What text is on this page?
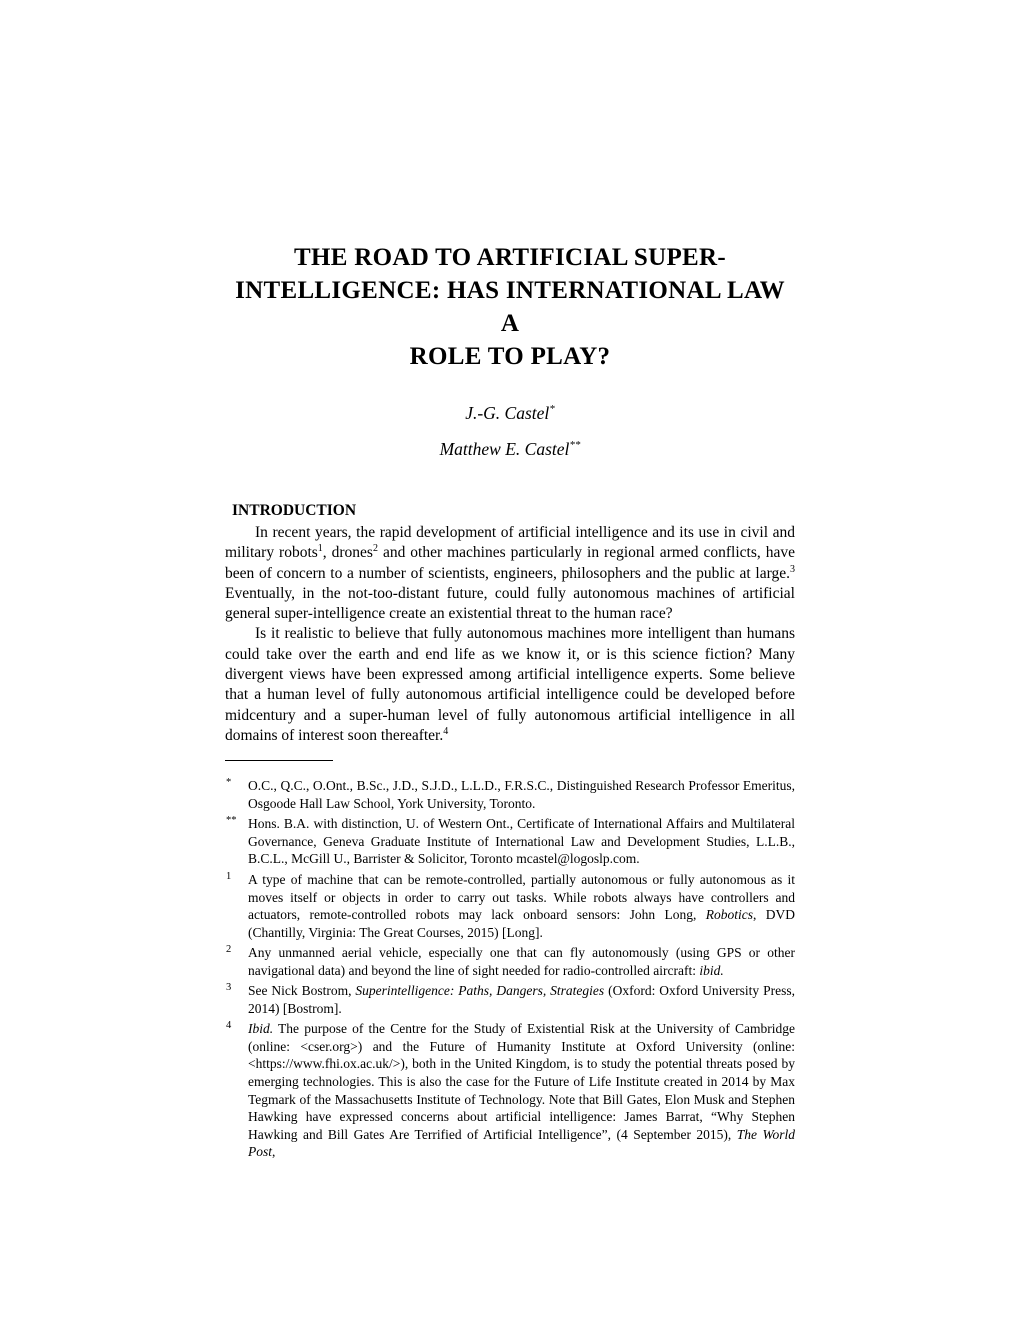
THE ROAD TO ARTIFICIAL SUPER-
INTELLIGENCE: HAS INTERNATIONAL LAW A
ROLE TO PLAY?
J.-G. Castel*
Matthew E. Castel**
INTRODUCTION

In recent years, the rapid development of artificial intelligence and its use in civil and military robots$^1$, drones$^2$ and other machines particularly in regional armed conflicts, have been of concern to a number of scientists, engineers, philosophers and the public at large.$^3$ Eventually, in the not-too-distant future, could fully autonomous machines of artificial general super-intelligence create an existential threat to the human race?

Is it realistic to believe that fully autonomous machines more intelligent than humans could take over the earth and end life as we know it, or is this science fiction? Many divergent views have been expressed among artificial intelligence experts. Some believe that a human level of fully autonomous artificial intelligence could be developed before midcentury and a super-human level of fully autonomous artificial intelligence in all domains of interest soon thereafter.$^4$

* O.C., Q.C., O.Ont., B.Sc., J.D., S.J.D., L.L.D., F.R.S.C., Distinguished Research Professor Emeritus, Osgoode Hall Law School, York University, Toronto.
** Hons. B.A. with distinction, U. of Western Ont., Certificate of International Affairs and Multilateral Governance, Geneva Graduate Institute of International Law and Development Studies, L.L.B., B.C.L., McGill U., Barrister & Solicitor, Toronto mcastel@logoslp.com.
1 A type of machine that can be remote-controlled, partially autonomous or fully autonomous as it moves itself or objects in order to carry out tasks. While robots always have controllers and actuators, remote-controlled robots may lack onboard sensors: John Long, Robotics, DVD (Chantilly, Virginia: The Great Courses, 2015) [Long].
2 Any unmanned aerial vehicle, especially one that can fly autonomously (using GPS or other navigational data) and beyond the line of sight needed for radio-controlled aircraft: ibid.
3 See Nick Bostrom, Superintelligence: Paths, Dangers, Strategies (Oxford: Oxford University Press, 2014) [Bostrom].
4 Ibid. The purpose of the Centre for the Study of Existential Risk at the University of Cambridge (online: <cser.org>) and the Future of Humanity Institute at Oxford University (online: <https://www.fhi.ox.ac.uk/>), both in the United Kingdom, is to study the potential threats posed by emerging technologies. This is also the case for the Future of Life Institute created in 2014 by Max Tegmark of the Massachusetts Institute of Technology. Note that Bill Gates, Elon Musk and Stephen Hawking have expressed concerns about artificial intelligence: James Barrat, “Why Stephen Hawking and Bill Gates Are Terrified of Artificial Intelligence”, (4 September 2015), The World Post,
